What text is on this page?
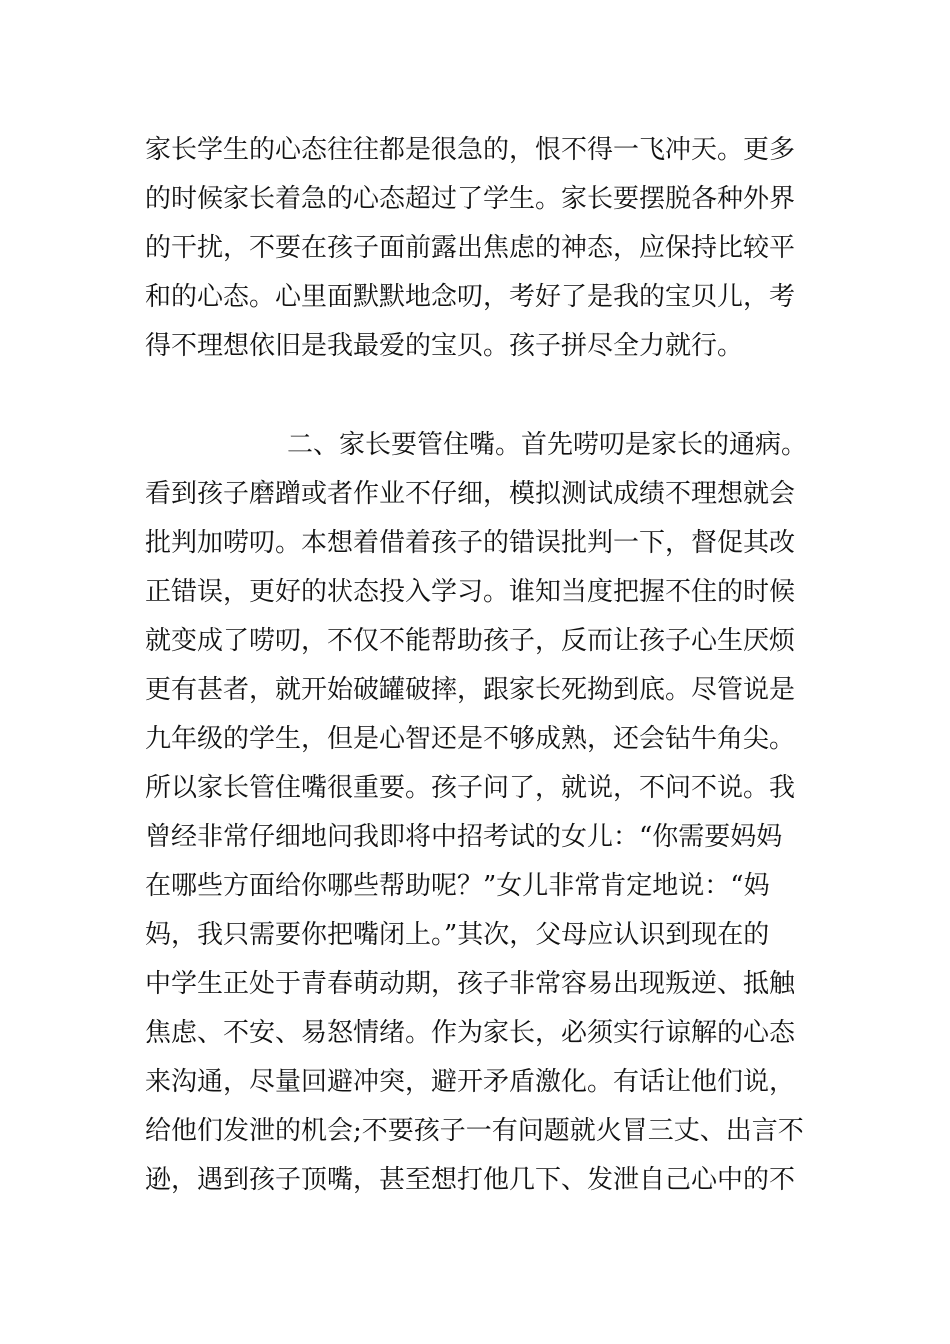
家长学生的心态往往都是很急的，恨不得一飞冲天。更多
的时候家长着急的心态超过了学生。家长要摆脱各种外界
的干扰，不要在孩子面前露出焦虑的神态，应保持比较平
和的心态。心里面默默地念叨，考好了是我的宝贝儿，考
得不理想依旧是我最爱的宝贝。孩子拼尽全力就行。
二、家长要管住嘴。首先唠叨是家长的通病。
看到孩子磨蹭或者作业不仔细，模拟测试成绩不理想就会
批判加唠叨。本想着借着孩子的错误批判一下，督促其改
正错误，更好的状态投入学习。谁知当度把握不住的时候
就变成了唠叨，不仅不能帮助孩子，反而让孩子心生厌烦
更有甚者，就开始破罐破摔，跟家长死拗到底。尽管说是
九年级的学生，但是心智还是不够成熟，还会钻牛角尖。
所以家长管住嘴很重要。孩子问了，就说，不问不说。我
曾经非常仔细地问我即将中招考试的女儿：“你需要妈妈
在哪些方面给你哪些帮助呢？”女儿非常肯定地说：“妈
妈，我只需要你把嘴闭上。”其次，父母应认识到现在的
中学生正处于青春萌动期，孩子非常容易出现叛逆、抵触
焦虑、不安、易怒情绪。作为家长，必须实行谅解的心态
来沟通，尽量回避冲突，避开矛盾激化。有话让他们说，
给他们发泄的机会;不要孩子一有问题就火冒三丈、出言不
逊，遇到孩子顶嘴，甚至想打他几下、发泄自己心中的不
